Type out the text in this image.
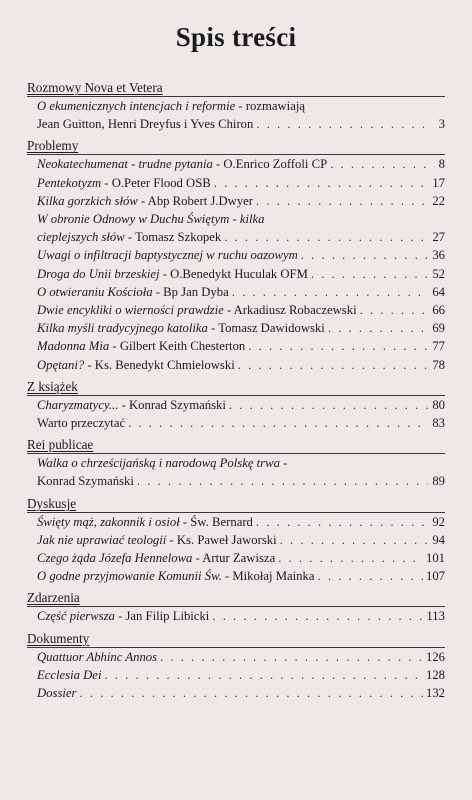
Spis treści
Rozmowy Nova et Vetera
O ekumenicznych intencjach i reformie - rozmawiają
Jean Guitton, Henri Dreyfus i Yves Chiron . . .	3
Problemy
Neokatechumenat - trudne pytania - O.Enrico Zoffoli CP . . .	8
Pentekotyzm - O.Peter Flood OSB . . .	17
Kilka gorzkich słów - Abp Robert J.Dwyer . . .	22
W obronie Odnowy w Duchu Świętym - kilka
cieplejszych słów - Tomasz Szkopek . . .	27
Uwagi o infiltracji baptystycznej w ruchu oazowym . . .	36
Droga do Unii brzeskiej - O.Benedykt Huculak OFM . . .	52
O otwieraniu Kościoła - Bp Jan Dyba . . .	64
Dwie encykliki o wierności prawdzie - Arkadiusz Robaczewski . . .	66
Kilka myśli tradycyjnego katolika - Tomasz Dawidowski . . .	69
Madonna Mia - Gilbert Keith Chesterton . . .	77
Opętani? - Ks. Benedykt Chmielowski . . .	78
Z książek
Charyzmatycy... - Konrad Szymański . . .	80
Warto przeczytać . . .	83
Rei publicae
Walka o chrześcijańską i narodową Polskę trwa -
Konrad Szymański . . .	89
Dyskusje
Święty mąż, zakonnik i osioł - Św. Bernard . . .	92
Jak nie uprawiać teologii - Ks. Paweł Jaworski . . .	94
Czego żąda Józefa Hennelowa - Artur Zawisza . . .	101
O godne przyjmowanie Komunii Św. - Mikołaj Mainka . . .	107
Zdarzenia
Część pierwsza - Jan Filip Libicki . . .	113
Dokumenty
Quattuor Abhinc Annos . . .	126
Ecclesia Dei . . .	128
Dossier . . .	132
